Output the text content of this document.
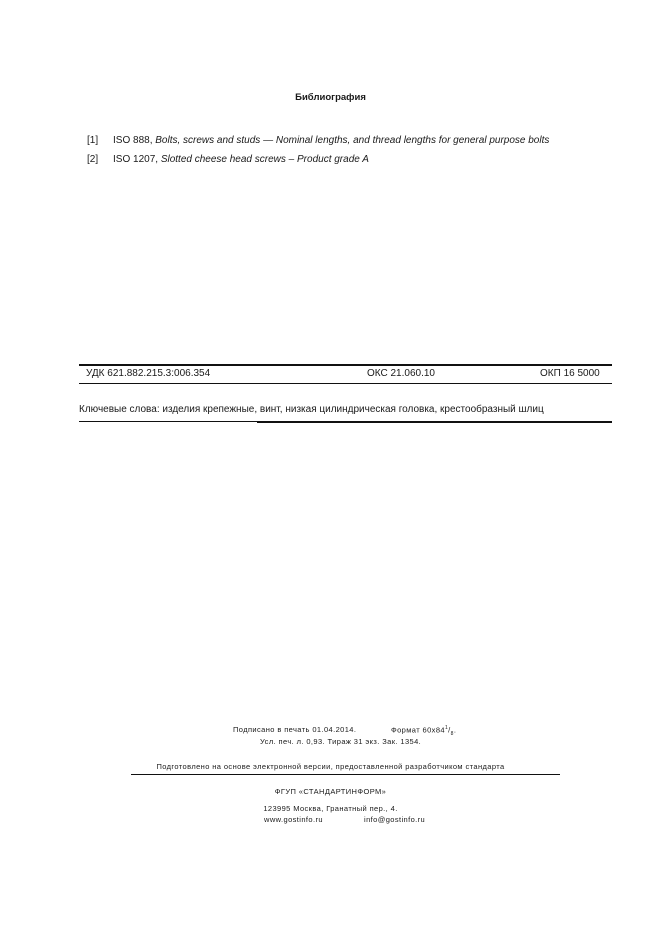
Библиография
[1] ISO 888, Bolts, screws and studs — Nominal lengths, and thread lengths for general purpose bolts
[2] ISO 1207, Slotted cheese head screws – Product grade A
УДК 621.882.215.3:006.354	ОКС 21.060.10	ОКП 16 5000
Ключевые слова: изделия крепежные, винт, низкая цилиндрическая головка, крестообразный шлиц
Подписано в печать 01.04.2014.	Формат $60x84^1/_8$.
Усл. печ. л. 0,93. Тираж 31 экз. Зак. 1354.
Подготовлено на основе электронной версии, предоставленной разработчиком стандарта
ФГУП «СТАНДАРТИНФОРМ»
123995 Москва, Гранатный пер., 4.
www.gostinfo.ru	info@gostinfo.ru
